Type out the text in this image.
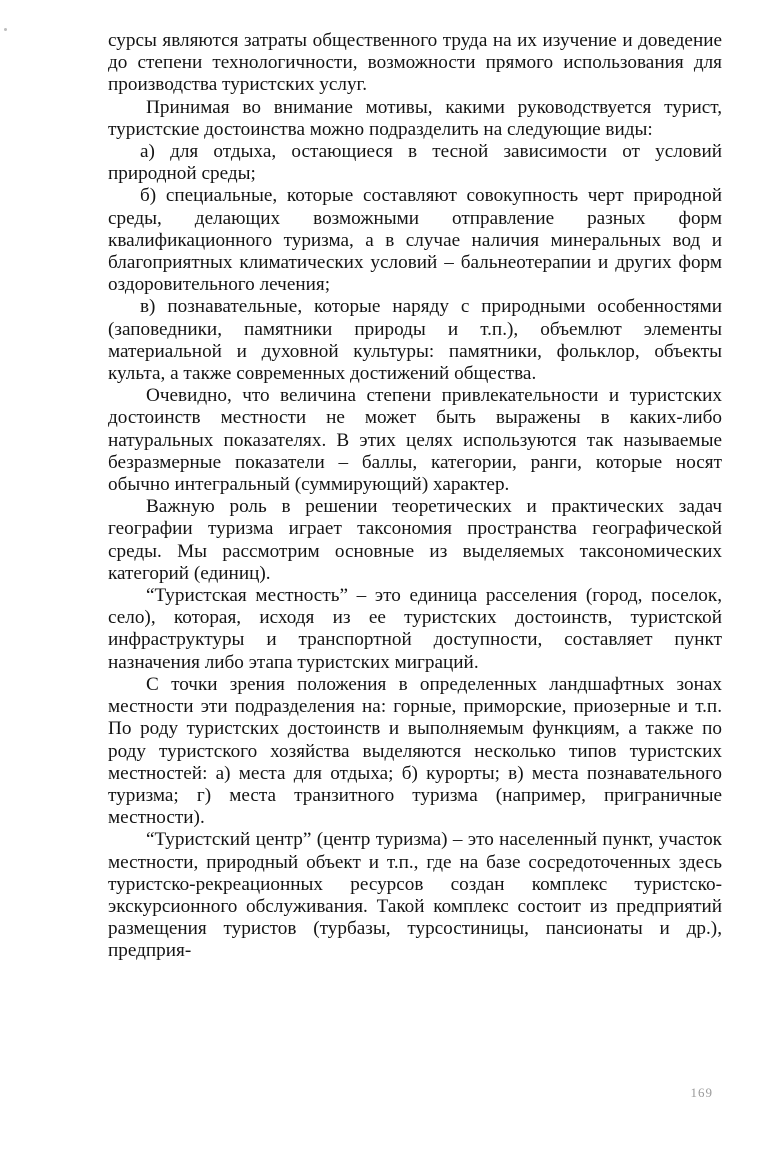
сурсы являются затраты общественного труда на их изучение и доведение до степени технологичности, возможности прямого использования для производства туристских услуг.

Принимая во внимание мотивы, какими руководствуется турист, туристские достоинства можно подразделить на следующие виды:

а) для отдыха, остающиеся в тесной зависимости от условий природной среды;

б) специальные, которые составляют совокупность черт природной среды, делающих возможными отправление разных форм квалификационного туризма, а в случае наличия минеральных вод и благоприятных климатических условий – бальнеотерапии и других форм оздоровительного лечения;

в) познавательные, которые наряду с природными особенностями (заповедники, памятники природы и т.п.), объемлют элементы материальной и духовной культуры: памятники, фольклор, объекты культа, а также современных достижений общества.

Очевидно, что величина степени привлекательности и туристских достоинств местности не может быть выражены в каких-либо натуральных показателях. В этих целях используются так называемые безразмерные показатели – баллы, категории, ранги, которые носят обычно интегральный (суммирующий) характер.

Важную роль в решении теоретических и практических задач географии туризма играет таксономия пространства географической среды. Мы рассмотрим основные из выделяемых таксономических категорий (единиц).

“Туристская местность” – это единица расселения (город, поселок, село), которая, исходя из ее туристских достоинств, туристской инфраструктуры и транспортной доступности, составляет пункт назначения либо этапа туристских миграций.

С точки зрения положения в определенных ландшафтных зонах местности эти подразделения на: горные, приморские, приозерные и т.п. По роду туристских достоинств и выполняемым функциям, а также по роду туристского хозяйства выделяются несколько типов туристских местностей: а) места для отдыха; б) курорты; в) места познавательного туризма; г) места транзитного туризма (например, приграничные местности).

“Туристский центр” (центр туризма) – это населенный пункт, участок местности, природный объект и т.п., где на базе сосредоточенных здесь туристско-рекреационных ресурсов создан комплекс туристско-экскурсионного обслуживания. Такой комплекс состоит из предприятий размещения туристов (турбазы, турсостиницы, пансионаты и др.), предприя-

169
